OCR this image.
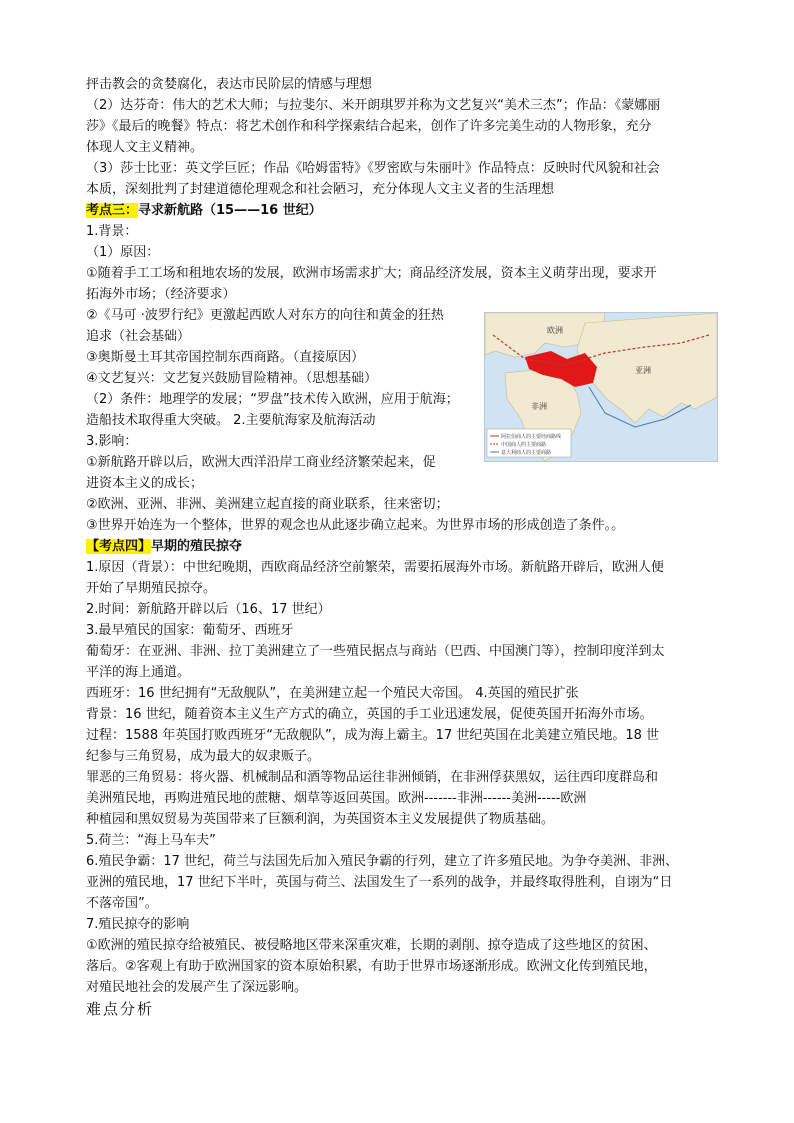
抨击教会的贪婪腐化，表达市民阶层的情感与理想

（2）达芬奇：伟大的艺术大师；与拉斐尔、米开朗琪罗并称为文艺复兴“美术三杰”；作品：《蒙娜丽

莎》《最后的晚餐》特点：将艺术创作和科学探索结合起来，创作了许多完美生动的人物形象，充分

体现人文主义精神。

（3）莎士比亚：英文学巨匠；作品《哈姆雷特》《罗密欧与朱丽叶》作品特点：反映时代风貌和社会

本质，深刻批判了封建道德伦理观念和社会陋习，充分体现人文主义者的生活理想

考点三：寻求新航路（15——16 世纪）

1.背景：

（1）原因：

①随着手工工场和租地农场的发展，欧洲市场需求扩大；商品经济发展，资本主义萌芽出现，要求开

拓海外市场；（经济要求）

②《马可 ·波罗行纪》更激起西欧人对东方的向往和黄金的狂热

追求（社会基础）

③奥斯曼土耳其帝国控制东西商路。（直接原因）

④文艺复兴：文艺复兴鼓励冒险精神。（思想基础）

（2）条件：地理学的发展；“罗盘”技术传入欧洲，应用于航海；

造船技术取得重大突破。 2.主要航海家及航海活动

3.影响：

①新航路开辟以后，欧洲大西洋沿岸工商业经济繁荣起来，促

进资本主义的成长；

②欧洲、亚洲、非洲、美洲建立起直接的商业联系，往来密切；

③世界开始连为一个整体，世界的观念也从此逐步确立起来。为世界市场的形成创造了条件。。

【考点四】早期的殖民掠夺

1.原因（背景）：中世纪晚期，西欧商品经济空前繁荣，需要拓展海外市场。新航路开辟后，欧洲人便

开始了早期殖民掠夺。

2.时间：新航路开辟以后（16、17 世纪）

3.最早殖民的国家：葡萄牙、西班牙

葡萄牙：在亚洲、非洲、拉丁美洲建立了一些殖民据点与商站（巴西、中国澳门等），控制印度洋到太

平洋的海上通道。

西班牙：16 世纪拥有“无敌舰队”，在美洲建立起一个殖民大帝国。 4.英国的殖民扩张

背景：16 世纪，随着资本主义生产方式的确立，英国的手工业迅速发展，促使英国开拓海外市场。

过程：1588 年英国打败西班牙“无敌舰队”，成为海上霸主。17 世纪英国在北美建立殖民地。18 世

纪参与三角贸易，成为最大的奴隶贩子。

罪恶的三角贸易：将火器、机械制品和酒等物品运往非洲倾销，在非洲俘获黑奴，运往西印度群岛和

美洲殖民地，再购进殖民地的蔗糖、烟草等返回英国。欧洲-------非洲------美洲-----欧洲

种植园和黑奴贸易为英国带来了巨额利润，为英国资本主义发展提供了物质基础。

5.荷兰：“海上马车夫”

6.殖民争霸：17 世纪，荷兰与法国先后加入殖民争霸的行列，建立了许多殖民地。为争夺美洲、非洲、

亚洲的殖民地，17 世纪下半叶，英国与荷兰、法国发生了一系列的战争，并最终取得胜利，自诩为“日

不落帝国”。

7.殖民掠夺的影响

①欧洲的殖民掠夺给被殖民、被侵略地区带来深重灾难，长期的剥削、掠夺造成了这些地区的贫困、

落后。②客观上有助于欧洲国家的资本原始积累，有助于世界市场逐渐形成。欧洲文化传到殖民地，

对殖民地社会的发展产生了深远影响。

欧洲
非洲
亚洲
阿拉伯商人的主要经商路线
中国商人的主要商路
意大利商人的主要商路
难点分析
